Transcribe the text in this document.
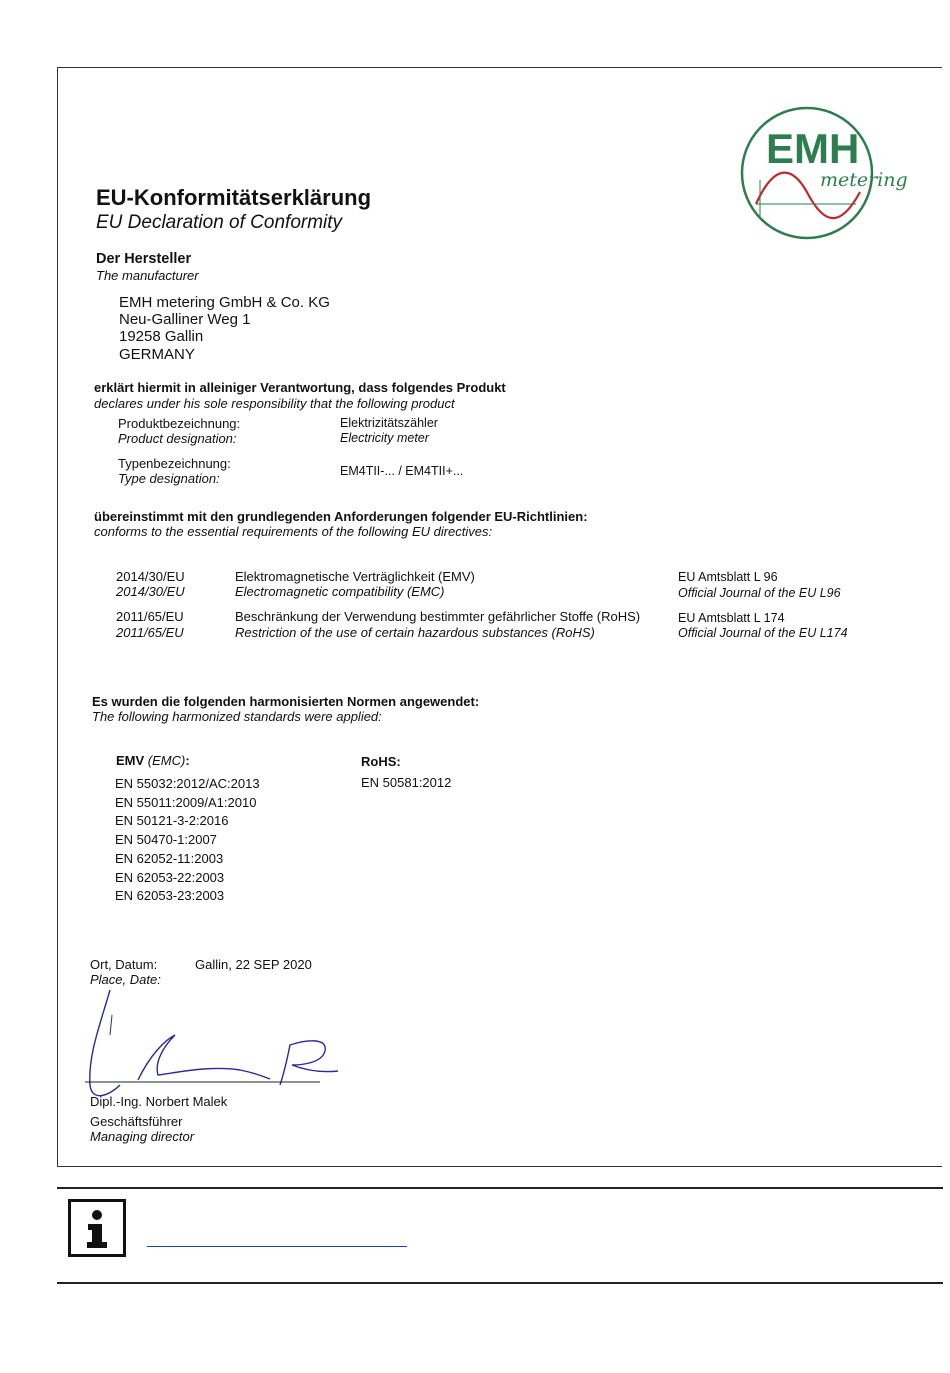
EMH
metering
EU-Konformitätserklärung
EU Declaration of Conformity
Der Hersteller
The manufacturer
EMH metering GmbH & Co. KG
Neu-Galliner Weg 1
19258 Gallin
GERMANY
erklärt hiermit in alleiniger Verantwortung, dass folgendes Produkt
declares under his sole responsibility that the following product
Produktbezeichnung:
Product designation:
Elektrizitätszähler
Electricity meter
Typenbezeichnung:
Type designation:	EM4TII-... / EM4TII+...
übereinstimmt mit den grundlegenden Anforderungen folgender EU-Richtlinien:
conforms to the essential requirements of the following EU directives:
2014/30/EU
2014/30/EU
Elektromagnetische Verträglichkeit (EMV)
Electromagnetic compatibility (EMC)
EU Amtsblatt L 96
Official Journal of the EU L96
2011/65/EU
2011/65/EU
Beschränkung der Verwendung bestimmter gefährlicher Stoffe (RoHS)
Restriction of the use of certain hazardous substances (RoHS)
EU Amtsblatt L 174
Official Journal of the EU L174
Es wurden die folgenden harmonisierten Normen angewendet:
The following harmonized standards were applied:
EMV (EMC):
EN 55032:2012/AC:2013
EN 55011:2009/A1:2010
EN 50121-3-2:2016
EN 50470-1:2007
EN 62052-11:2003
EN 62053-22:2003
EN 62053-23:2003
RoHS:
EN 50581:2012
Ort, Datum:
Place, Date:
Gallin, 22 SEP 2020
Dipl.-Ing. Norbert Malek
Geschäftsführer
Managing director
